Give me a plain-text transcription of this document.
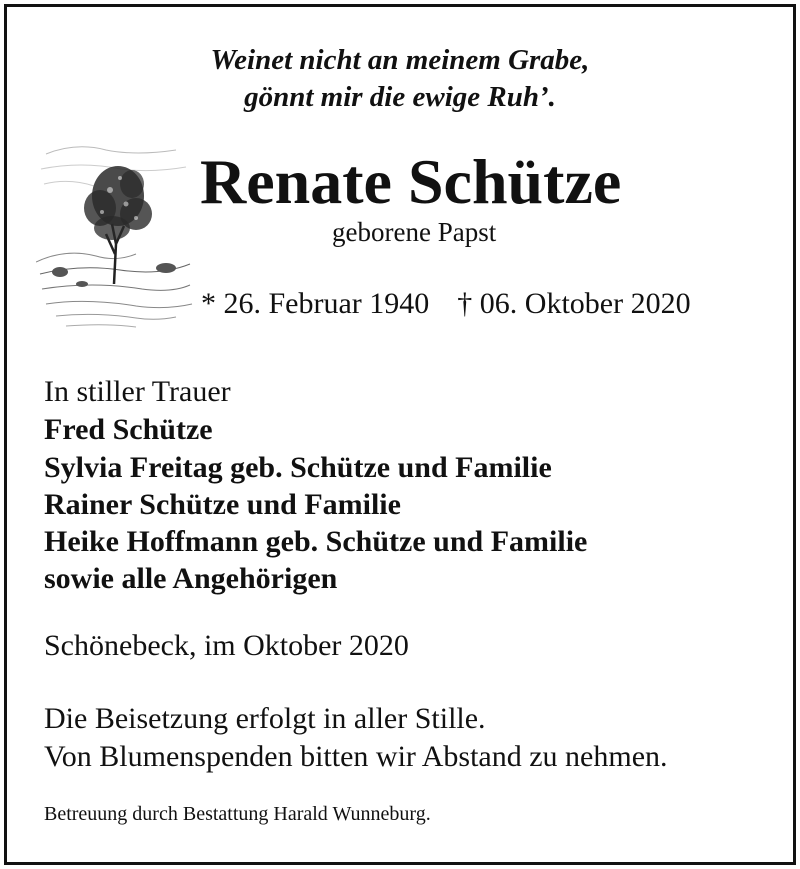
Weinet nicht an meinem Grabe,
gönnt mir die ewige Ruh’.
Renate Schütze
geborene Papst
* 26. Februar 1940 † 06. Oktober 2020
In stiller Trauer
Fred Schütze
Sylvia Freitag geb. Schütze und Familie
Rainer Schütze und Familie
Heike Hoffmann geb. Schütze und Familie
sowie alle Angehörigen
Schönebeck, im Oktober 2020
Die Beisetzung erfolgt in aller Stille.
Von Blumenspenden bitten wir Abstand zu nehmen.
Betreuung durch Bestattung Harald Wunneburg.
